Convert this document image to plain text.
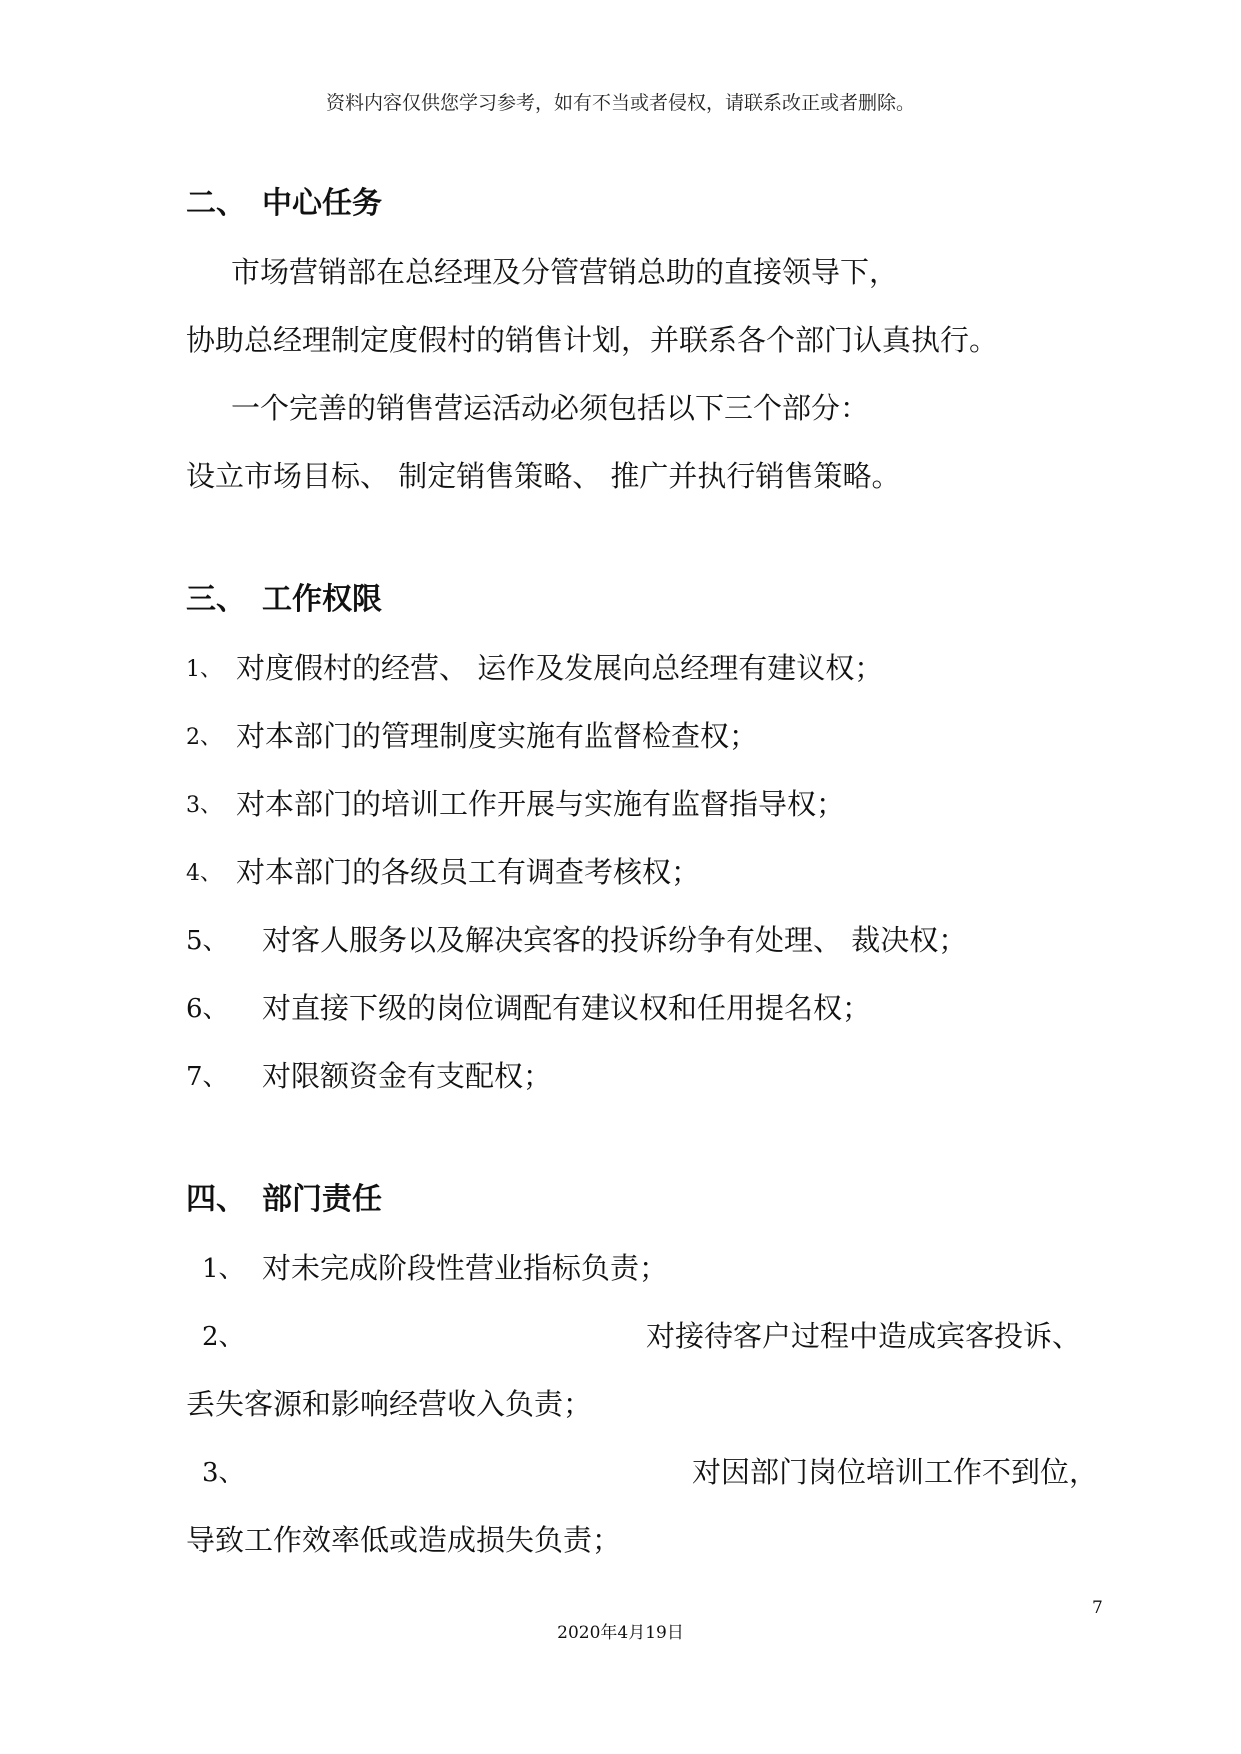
资料内容仅供您学习参考，如有不当或者侵权，请联系改正或者删除。
二、 中心任务
市场营销部在总经理及分管营销总助的直接领导下，
协助总经理制定度假村的销售计划，并联系各个部门认真执行。
一个完善的销售营运活动必须包括以下三个部分：
设立市场目标、 制定销售策略、 推广并执行销售策略。
三、 工作权限
1、 对度假村的经营、 运作及发展向总经理有建议权；
2、 对本部门的管理制度实施有监督检查权；
3、 对本部门的培训工作开展与实施有监督指导权；
4、 对本部门的各级员工有调查考核权；
5、 对客人服务以及解决宾客的投诉纷争有处理、 裁决权；
6、 对直接下级的岗位调配有建议权和任用提名权；
7、 对限额资金有支配权；
四、 部门责任
1、 对未完成阶段性营业指标负责；
2、	对接待客户过程中造成宾客投诉、
丢失客源和影响经营收入负责；
3、	对因部门岗位培训工作不到位，
导致工作效率低或造成损失负责；
7
2020年4月19日
